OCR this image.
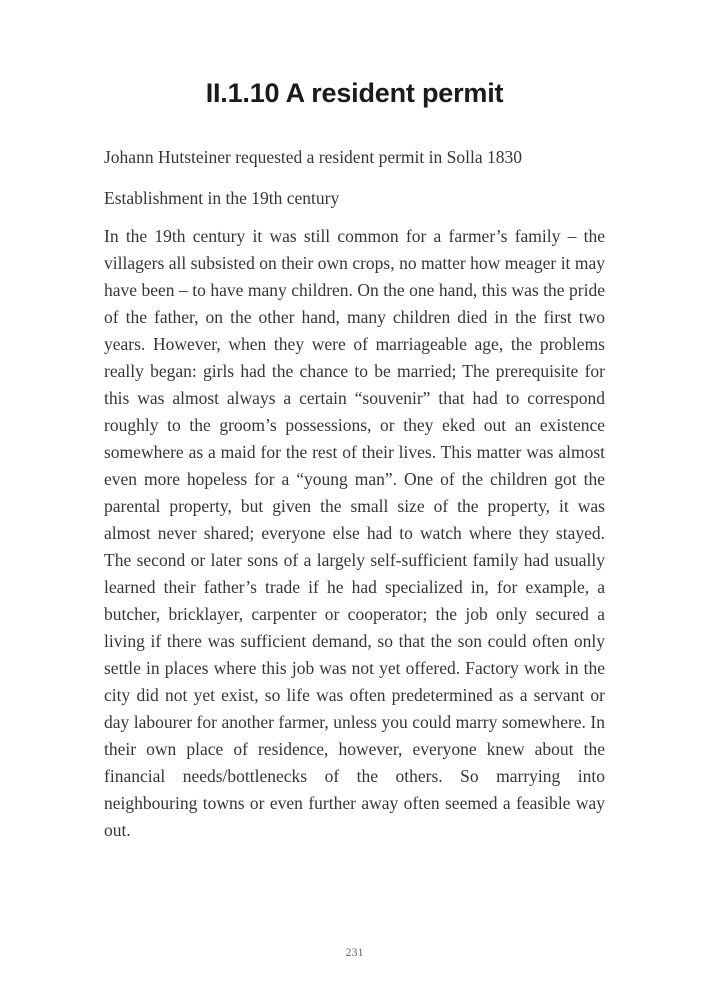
II.1.10 A resident permit

Johann Hutsteiner requested a resident permit in Solla 1830

Establishment in the 19th century

In the 19th century it was still common for a farmer’s family – the villagers all subsisted on their own crops, no matter how meager it may have been – to have many children. On the one hand, this was the pride of the father, on the other hand, many children died in the first two years. However, when they were of marriageable age, the problems really began: girls had the chance to be married; The prerequisite for this was almost always a certain “souvenir” that had to correspond roughly to the groom’s possessions, or they eked out an existence somewhere as a maid for the rest of their lives. This matter was almost even more hopeless for a “young man”. One of the children got the parental property, but given the small size of the property, it was almost never shared; everyone else had to watch where they stayed. The second or later sons of a largely self-sufficient family had usually learned their father’s trade if he had specialized in, for example, a butcher, bricklayer, carpenter or cooperator; the job only secured a living if there was sufficient demand, so that the son could often only settle in places where this job was not yet offered. Factory work in the city did not yet exist, so life was often predetermined as a servant or day labourer for another farmer, unless you could marry somewhere. In their own place of residence, however, everyone knew about the financial needs/bottlenecks of the others. So marrying into neighbouring towns or even further away often seemed a feasible way out.

231
